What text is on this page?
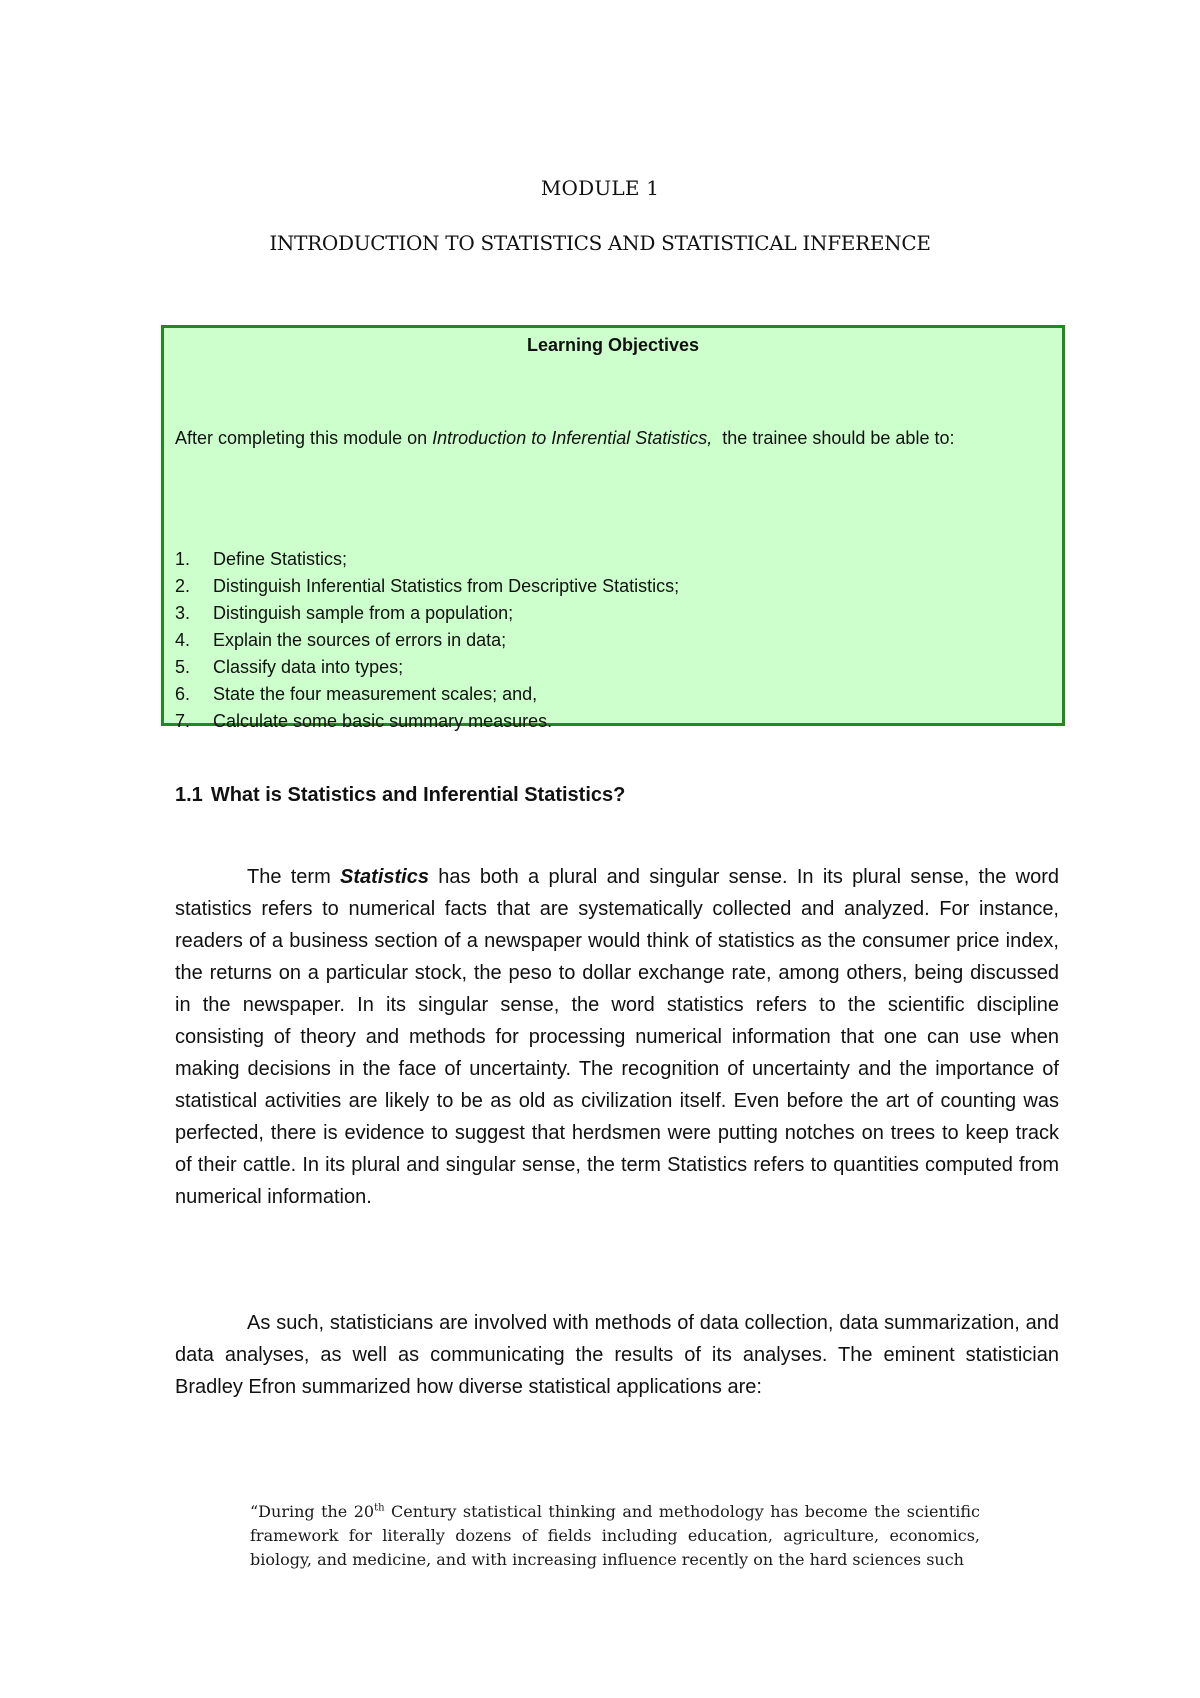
MODULE 1
INTRODUCTION TO STATISTICS AND STATISTICAL INFERENCE
Learning Objectives
After completing this module on Introduction to Inferential Statistics,  the trainee should be able to:
1. Define Statistics;
2. Distinguish Inferential Statistics from Descriptive Statistics;
3. Distinguish sample from a population;
4. Explain the sources of errors in data;
5. Classify data into types;
6. State the four measurement scales; and,
7. Calculate some basic summary measures.
1.1 What is Statistics and Inferential Statistics?

The term Statistics has both a plural and singular sense. In its plural sense, the word statistics refers to numerical facts that are systematically collected and analyzed. For instance, readers of a business section of a newspaper would think of statistics as the consumer price index, the returns on a particular stock, the peso to dollar exchange rate, among others, being discussed in the newspaper. In its singular sense, the word statistics refers to the scientific discipline consisting of theory and methods for processing numerical information that one can use when making decisions in the face of uncertainty. The recognition of uncertainty and the importance of statistical activities are likely to be as old as civilization itself. Even before the art of counting was perfected, there is evidence to suggest that herdsmen were putting notches on trees to keep track of their cattle. In its plural and singular sense, the term Statistics refers to quantities computed from numerical information.

As such, statisticians are involved with methods of data collection, data summarization, and data analyses, as well as communicating the results of its analyses. The eminent statistician Bradley Efron summarized how diverse statistical applications are:

“During the 20th Century statistical thinking and methodology has become the scientific framework for literally dozens of fields including education, agriculture, economics, biology, and medicine, and with increasing influence recently on the hard sciences such
